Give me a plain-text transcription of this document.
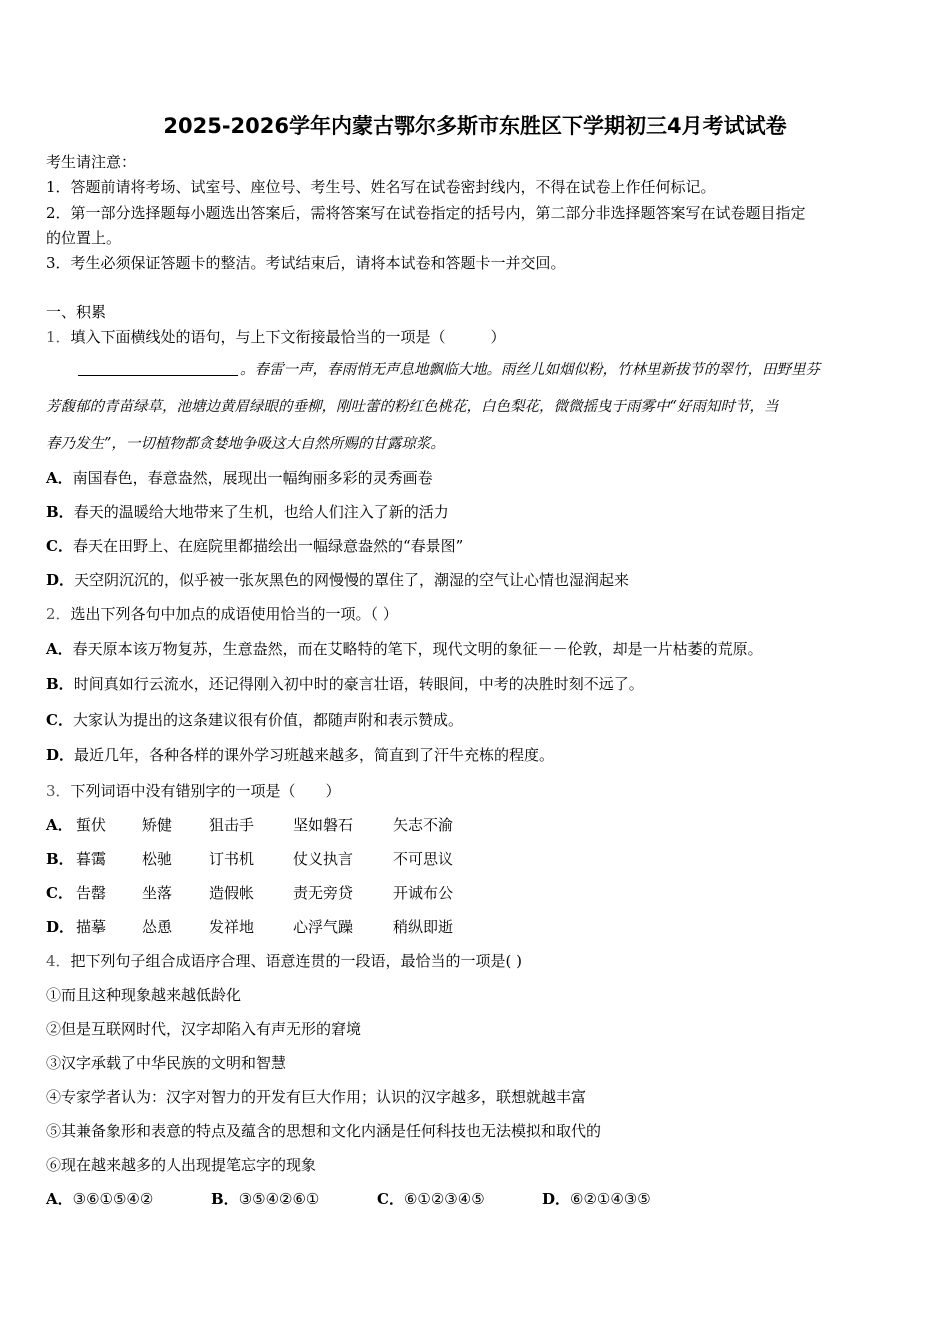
2025-2026学年内蒙古鄂尔多斯市东胜区下学期初三4月考试试卷
考生请注意：
1．答题前请将考场、试室号、座位号、考生号、姓名写在试卷密封线内，不得在试卷上作任何标记。
2．第一部分选择题每小题选出答案后，需将答案写在试卷指定的括号内，第二部分非选择题答案写在试卷题目指定
的位置上。
3．考生必须保证答题卡的整洁。考试结束后，请将本试卷和答题卡一并交回。
一、积累
1．填入下面横线处的语句，与上下文衔接最恰当的一项是（　　　）
。春雷一声，春雨悄无声息地飘临大地。雨丝儿如烟似粉，竹林里新拔节的翠竹，田野里芬
芳馥郁的青苗绿草，池塘边黄眉绿眼的垂柳，刚吐蕾的粉红色桃花，白色梨花，微微摇曳于雨雾中“好雨知时节，当
春乃发生”，一切植物都贪婪地争吸这大自然所赐的甘露琼浆。
A．南国春色，春意盎然，展现出一幅绚丽多彩的灵秀画卷
B．春天的温暖给大地带来了生机，也给人们注入了新的活力
C．春天在田野上、在庭院里都描绘出一幅绿意盎然的“春景图”
D．天空阴沉沉的，似乎被一张灰黑色的网慢慢的罩住了，潮湿的空气让心情也湿润起来
2．选出下列各句中加点的成语使用恰当的一项。（ ）
A．春天原本该万物复苏，生意盎然，而在艾略特的笔下，现代文明的象征－－伦敦，却是一片枯萎的荒原。
B．时间真如行云流水，还记得刚入初中时的豪言壮语，转眼间，中考的决胜时刻不远了。
C．大家认为提出的这条建议很有价值，都随声附和表示赞成。
D．最近几年，各种各样的课外学习班越来越多，简直到了汗牛充栋的程度。
3．下列词语中没有错别字的一项是（　　）
A． 蜇伏 矫健 狙击手	坚如磐石	矢志不渝
B． 暮霭 松驰 订书机	仗义执言	不可思议
C． 告罄 坐落 造假帐	责无旁贷	开诚布公
D． 描摹 怂恿 发祥地	心浮气躁	稍纵即逝
4．把下列句子组合成语序合理、语意连贯的一段语，最恰当的一项是( )
①而且这种现象越来越低龄化
②但是互联网时代，汉字却陷入有声无形的窘境
③汉字承载了中华民族的文明和智慧
④专家学者认为：汉字对智力的开发有巨大作用；认识的汉字越多，联想就越丰富
⑤其兼备象形和表意的特点及蕴含的思想和文化内涵是任何科技也无法模拟和取代的
⑥现在越来越多的人出现提笔忘字的现象
A．③⑥①⑤④②	B．③⑤④②⑥①	C．⑥①②③④⑤	D．⑥②①④③⑤
